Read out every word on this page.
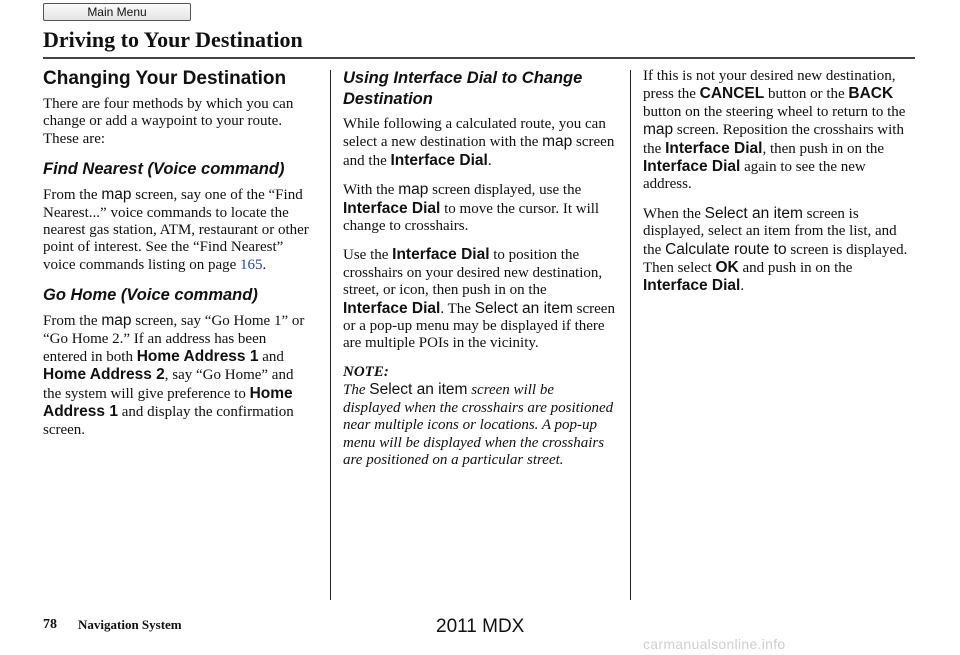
Main Menu
Driving to Your Destination
Changing Your Destination

There are four methods by which you can change or add a waypoint to your route. These are:

Find Nearest (Voice command)

From the map screen, say one of the “Find Nearest...” voice commands to locate the nearest gas station, ATM, restaurant or other point of interest. See the “Find Nearest” voice commands listing on page 165.

Go Home (Voice command)

From the map screen, say “Go Home 1” or “Go Home 2.” If an address has been entered in both Home Address 1 and Home Address 2, say “Go Home” and the system will give preference to Home Address 1 and display the confirmation screen.

Using Interface Dial to Change Destination

While following a calculated route, you can select a new destination with the map screen and the Interface Dial.

With the map screen displayed, use the Interface Dial to move the cursor. It will change to crosshairs.

Use the Interface Dial to position the crosshairs on your desired new destination, street, or icon, then push in on the Interface Dial. The Select an item screen or a pop-up menu may be displayed if there are multiple POIs in the vicinity.

NOTE:

The Select an item screen will be displayed when the crosshairs are positioned near multiple icons or locations. A pop-up menu will be displayed when the crosshairs are positioned on a particular street.

If this is not your desired new destination, press the CANCEL button or the BACK button on the steering wheel to return to the map screen. Reposition the crosshairs with the Interface Dial, then push in on the Interface Dial again to see the new address.

When the Select an item screen is displayed, select an item from the list, and the Calculate route to screen is displayed. Then select OK and push in on the Interface Dial.

78 Navigation System	2011 MDX
carmanualsonline.info
